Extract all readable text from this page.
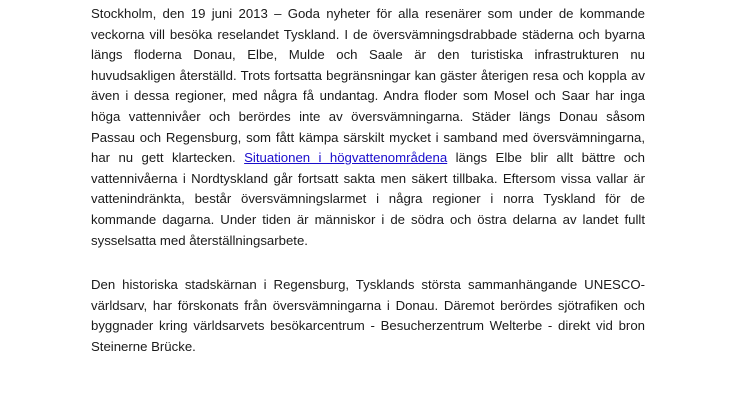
Stockholm, den 19 juni 2013 – Goda nyheter för alla resenärer som under de kommande veckorna vill besöka reselandet Tyskland. I de översvämningsdrabbade städerna och byarna längs floderna Donau, Elbe, Mulde och Saale är den turistiska infrastrukturen nu huvudsakligen återställd. Trots fortsatta begränsningar kan gäster återigen resa och koppla av även i dessa regioner, med några få undantag. Andra floder som Mosel och Saar har inga höga vattennivåer och berördes inte av översvämningarna. Städer längs Donau såsom Passau och Regensburg, som fått kämpa särskilt mycket i samband med översvämningarna, har nu gett klartecken. Situationen i högvattenområdena längs Elbe blir allt bättre och vattennivåerna i Nordtyskland går fortsatt sakta men säkert tillbaka. Eftersom vissa vallar är vattenindränkta, består översvämningslarmet i några regioner i norra Tyskland för de kommande dagarna. Under tiden är människor i de södra och östra delarna av landet fullt sysselsatta med återställningsarbete.

Den historiska stadskärnan i Regensburg, Tysklands största sammanhängande UNESCO-världsarv, har förskonats från översvämningarna i Donau. Däremot berördes sjötrafiken och byggnader kring världsarvets besökarcentrum - Besucherzentrum Welterbe - direkt vid bron Steinerne Brücke.
